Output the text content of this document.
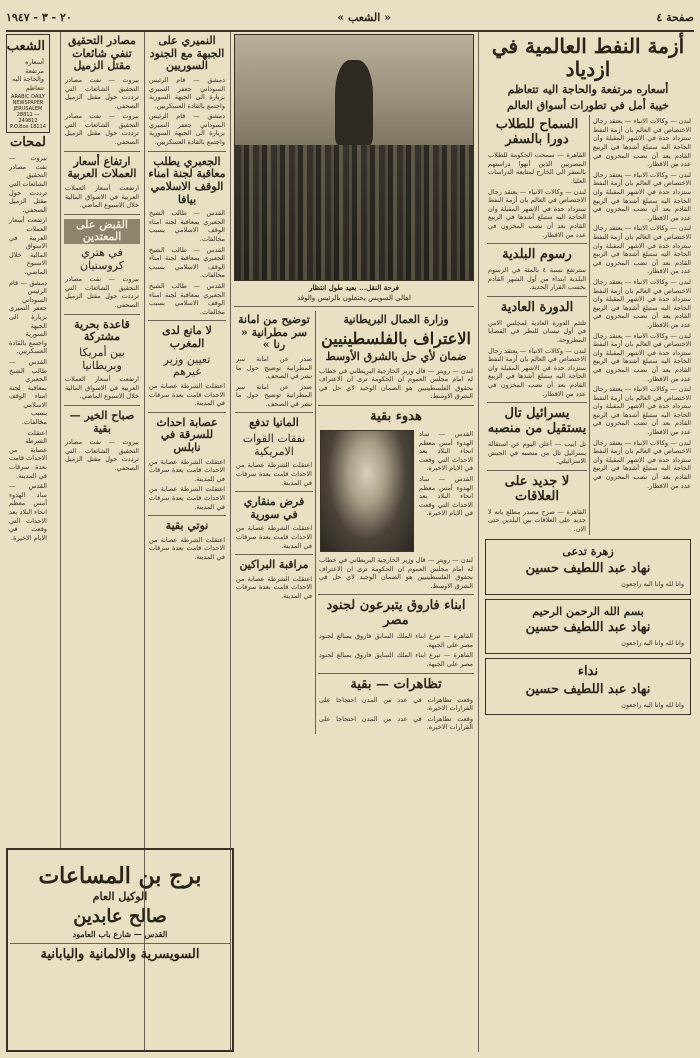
صفحة ٤
« الشعب »
٢٠ - ٣ - ١٩٤٧
أزمة النفط العالمية في ازدياد
أسعاره مرتفعة والحاجة اليه تتعاظم
خيبة أمل في تطورات أسواق العالم
لندن — وكالات الانباء — يعتقد رجال الاختصاص في العالم بان أزمة النفط ستزداد حدة في الاشهر المقبلة وان الحاجة اليه ستبلغ أشدها في الربيع القادم بعد أن نضب المخزون في عدد من الاقطار.
لندن — وكالات الانباء — يعتقد رجال الاختصاص في العالم بان أزمة النفط ستزداد حدة في الاشهر المقبلة وان الحاجة اليه ستبلغ أشدها في الربيع القادم بعد أن نضب المخزون في عدد من الاقطار.
لندن — وكالات الانباء — يعتقد رجال الاختصاص في العالم بان أزمة النفط ستزداد حدة في الاشهر المقبلة وان الحاجة اليه ستبلغ أشدها في الربيع القادم بعد أن نضب المخزون في عدد من الاقطار.
لندن — وكالات الانباء — يعتقد رجال الاختصاص في العالم بان أزمة النفط ستزداد حدة في الاشهر المقبلة وان الحاجة اليه ستبلغ أشدها في الربيع القادم بعد أن نضب المخزون في عدد من الاقطار.
لندن — وكالات الانباء — يعتقد رجال الاختصاص في العالم بان أزمة النفط ستزداد حدة في الاشهر المقبلة وان الحاجة اليه ستبلغ أشدها في الربيع القادم بعد أن نضب المخزون في عدد من الاقطار.
لندن — وكالات الانباء — يعتقد رجال الاختصاص في العالم بان أزمة النفط ستزداد حدة في الاشهر المقبلة وان الحاجة اليه ستبلغ أشدها في الربيع القادم بعد أن نضب المخزون في عدد من الاقطار.
لندن — وكالات الانباء — يعتقد رجال الاختصاص في العالم بان أزمة النفط ستزداد حدة في الاشهر المقبلة وان الحاجة اليه ستبلغ أشدها في الربيع القادم بعد أن نضب المخزون في عدد من الاقطار.
السماح للطلاب دورا بالسفر
القاهرة — سمحت الحكومة للطلاب المصريين الذين أنهوا دراستهم بالسفر الى الخارج لمتابعة الدراسات العليا.
لندن — وكالات الانباء — يعتقد رجال الاختصاص في العالم بان أزمة النفط ستزداد حدة في الاشهر المقبلة وان الحاجة اليه ستبلغ أشدها في الربيع القادم بعد أن نضب المخزون في عدد من الاقطار.
رسوم البلدية
سترتفع نسبة ٤ بالمئة في الرسوم البلدية ابتداء من أول الشهر القادم بحسب القرار الجديد.
الدورة العادية
تلتئم الدورة العادية لمجلس الامن في أول نيسان للنظر في القضايا المطروحة.
لندن — وكالات الانباء — يعتقد رجال الاختصاص في العالم بان أزمة النفط ستزداد حدة في الاشهر المقبلة وان الحاجة اليه ستبلغ أشدها في الربيع القادم بعد أن نضب المخزون في عدد من الاقطار.
يسرائيل تال يستقيل من منصبه
تل ابيب — أعلن اليوم عن استقالة يسرائيل تال من منصبه في الجيش الاسرائيلي.
لا جديد على العلاقات
القاهرة — صرح مصدر مطلع بانه لا جديد على العلاقات بين البلدين حتى الان.
زهرة تدعى
نهاد عبد اللطيف حسين
وانا لله وانا اليه راجعون
بسم الله الرحمن الرحيم
نهاد عبد اللطيف حسين
وانا لله وانا اليه راجعون
نداء
نهاد عبد اللطيف حسين
وانا لله وانا اليه راجعون
فرحة النقل... بعيد طول انتظار
اهالي السويس يحتفلون بالرئيس والوفد
وزارة العمال البريطانية
الاعتراف بالفلسطينيين
ضمان لأي حل بالشرق الأوسط
لندن — رويتر — قال وزير الخارجية البريطاني في خطاب له امام مجلس العموم ان الحكومة ترى ان الاعتراف بحقوق الفلسطينيين هو الضمان الوحيد لاي حل في الشرق الاوسط.
هدوء بقية
القدس — ساد الهدوء أمس معظم انحاء البلاد بعد الاحداث التي وقعت في الايام الاخيرة.
القدس — ساد الهدوء أمس معظم انحاء البلاد بعد الاحداث التي وقعت في الايام الاخيرة.
لندن — رويتر — قال وزير الخارجية البريطاني في خطاب له امام مجلس العموم ان الحكومة ترى ان الاعتراف بحقوق الفلسطينيين هو الضمان الوحيد لاي حل في الشرق الاوسط.
ابناء فاروق يتبرعون لجنود مصر
القاهرة — تبرع ابناء الملك السابق فاروق بمبالغ لجنود مصر على الجبهة.
القاهرة — تبرع ابناء الملك السابق فاروق بمبالغ لجنود مصر على الجبهة.
تظاهرات — بقية
وقعت تظاهرات في عدد من المدن احتجاجا على القرارات الاخيرة.
وقعت تظاهرات في عدد من المدن احتجاجا على القرارات الاخيرة.
توضيح من امانة سر مطرانية « رنا »
صدر عن امانة سر المطرانية توضيح حول ما نشر في الصحف.
صدر عن امانة سر المطرانية توضيح حول ما نشر في الصحف.
المانيا تدفع
نفقات القوات الامريكية
اعتقلت الشرطة عصابة من الاحداث قامت بعدة سرقات في المدينة.
فرض منقاري في سورية
اعتقلت الشرطة عصابة من الاحداث قامت بعدة سرقات في المدينة.
مراقبة البراكين
اعتقلت الشرطة عصابة من الاحداث قامت بعدة سرقات في المدينة.
النميري على الجبهة مع الجنود السوريين
دمشق — قام الرئيس السوداني جعفر النميري بزيارة الى الجبهة السورية واجتمع بالقادة العسكريين.
دمشق — قام الرئيس السوداني جعفر النميري بزيارة الى الجبهة السورية واجتمع بالقادة العسكريين.
الجعبري يطلب معاقبة لجنة امناء الوقف الاسلامي بيافا
القدس — طالب الشيخ الجعبري بمعاقبة لجنة امناء الوقف الاسلامي بسبب مخالفات.
القدس — طالب الشيخ الجعبري بمعاقبة لجنة امناء الوقف الاسلامي بسبب مخالفات.
القدس — طالب الشيخ الجعبري بمعاقبة لجنة امناء الوقف الاسلامي بسبب مخالفات.
لا مانع لدى المغرب
تعيين وزير غيرهم
اعتقلت الشرطة عصابة من الاحداث قامت بعدة سرقات في المدينة.
عصابة احداث للسرقة في نابلس
اعتقلت الشرطة عصابة من الاحداث قامت بعدة سرقات في المدينة.
اعتقلت الشرطة عصابة من الاحداث قامت بعدة سرقات في المدينة.
نوتي بقية
اعتقلت الشرطة عصابة من الاحداث قامت بعدة سرقات في المدينة.
مصادر التحقيق تنفي شائعات مقتل الزميل
بيروت — نفت مصادر التحقيق الشائعات التي ترددت حول مقتل الزميل الصحفي.
بيروت — نفت مصادر التحقيق الشائعات التي ترددت حول مقتل الزميل الصحفي.
ارتفاع أسعار العملات العربية
ارتفعت أسعار العملات العربية في الاسواق المالية خلال الاسبوع الماضي.
القبض على المعتدين
في هتري كروستيان
بيروت — نفت مصادر التحقيق الشائعات التي ترددت حول مقتل الزميل الصحفي.
قاعدة بحرية مشتركة
بين أمريكا وبريطانيا
ارتفعت أسعار العملات العربية في الاسواق المالية خلال الاسبوع الماضي.
صباح الخير — بقية
بيروت — نفت مصادر التحقيق الشائعات التي ترددت حول مقتل الزميل الصحفي.
برج بن المساعات
الوكيل العام
صالح عابدين
القدس — شارع باب العامود
السويسرية والالمانية واليابانية
الشعب
أسعاره مرتفعة والحاجة اليه تتعاظم
ARABIC DAILY
NEWSPAPER
JERUSALEM
28811 — 249812
P.O.Box 18114
لمحات
بيروت — نفت مصادر التحقيق الشائعات التي ترددت حول مقتل الزميل الصحفي.
ارتفعت أسعار العملات العربية في الاسواق المالية خلال الاسبوع الماضي.
دمشق — قام الرئيس السوداني جعفر النميري بزيارة الى الجبهة السورية واجتمع بالقادة العسكريين.
القدس — طالب الشيخ الجعبري بمعاقبة لجنة امناء الوقف الاسلامي بسبب مخالفات.
اعتقلت الشرطة عصابة من الاحداث قامت بعدة سرقات في المدينة.
القدس — ساد الهدوء أمس معظم انحاء البلاد بعد الاحداث التي وقعت في الايام الاخيرة.
